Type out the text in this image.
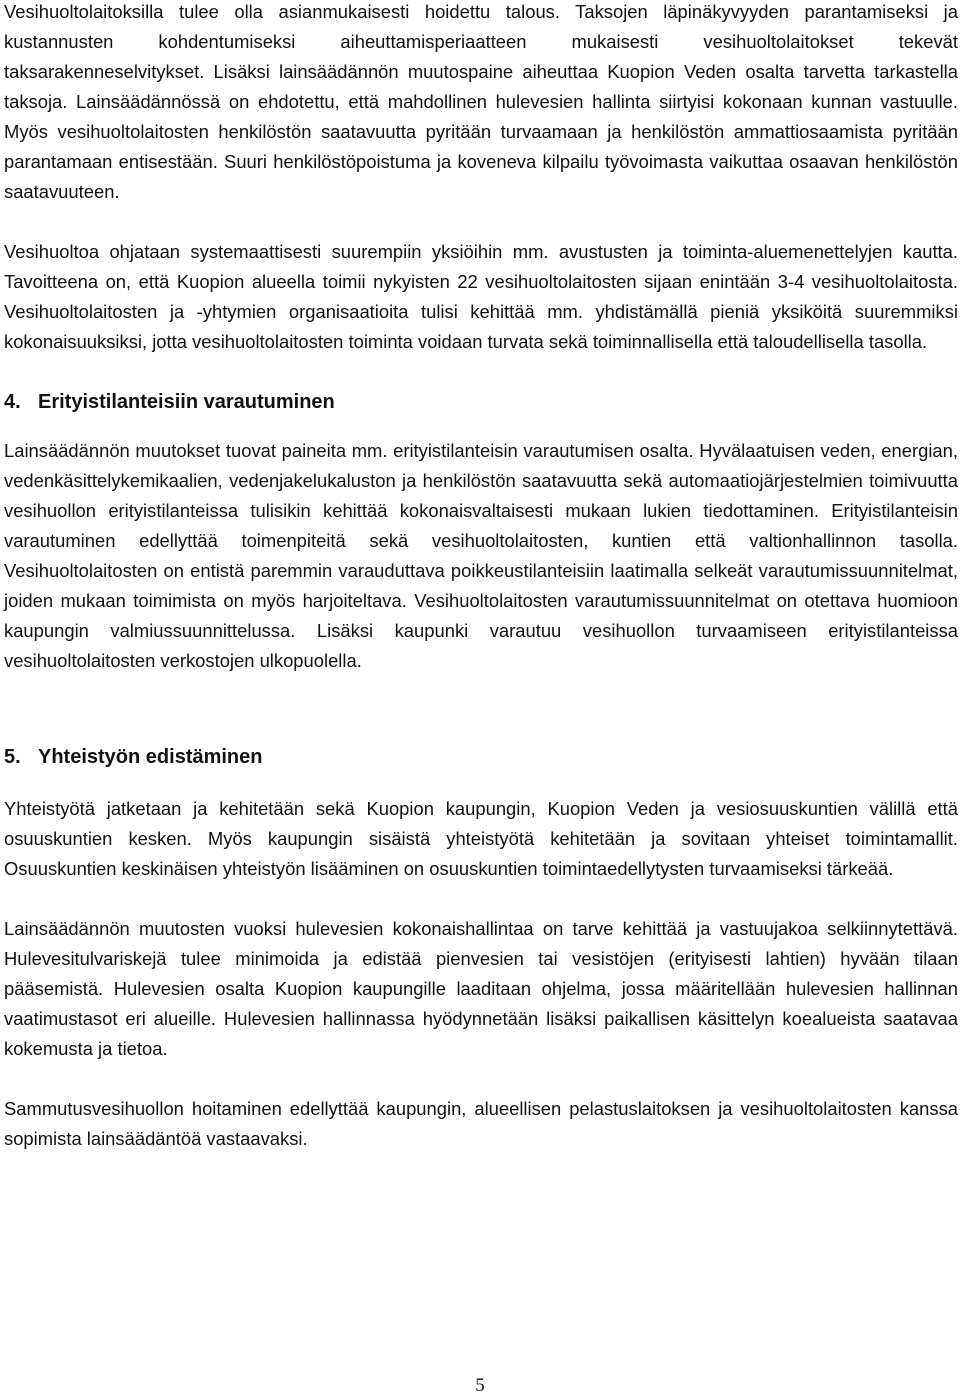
Vesihuoltolaitoksilla tulee olla asianmukaisesti hoidettu talous. Taksojen läpinäkyvyyden parantamiseksi ja kustannusten kohdentumiseksi aiheuttamisperiaatteen mukaisesti vesihuoltolaitokset tekevät taksarakenneselvitykset. Lisäksi lainsäädännön muutospaine aiheuttaa Kuopion Veden osalta tarvetta tarkastella taksoja. Lainsäädännössä on ehdotettu, että mahdollinen hulevesien hallinta siirtyisi kokonaan kunnan vastuulle. Myös vesihuoltolaitosten henkilöstön saatavuutta pyritään turvaamaan ja henkilöstön ammattiosaamista pyritään parantamaan entisestään. Suuri henkilöstöpoistuma ja koveneva kilpailu työvoimasta vaikuttaa osaavan henkilöstön saatavuuteen.

Vesihuoltoa ohjataan systemaattisesti suurempiin yksiöihin mm. avustusten ja toiminta-aluemenettelyjen kautta. Tavoitteena on, että Kuopion alueella toimii nykyisten 22 vesihuoltolaitosten sijaan enintään 3-4 vesihuoltolaitosta. Vesihuoltolaitosten ja -yhtymien organisaatioita tulisi kehittää mm. yhdistämällä pieniä yksiköitä suuremmiksi kokonaisuuksiksi, jotta vesihuoltolaitosten toiminta voidaan turvata sekä toiminnallisella että taloudellisella tasolla.

4. Erityistilanteisiin varautuminen

Lainsäädännön muutokset tuovat paineita mm. erityistilanteisin varautumisen osalta. Hyvälaatuisen veden, energian, vedenkäsittelykemikaalien, vedenjakelukaluston ja henkilöstön saatavuutta sekä automaatiojärjestelmien toimivuutta vesihuollon erityistilanteissa tulisikin kehittää kokonaisvaltaisesti mukaan lukien tiedottaminen. Erityistilanteisin varautuminen edellyttää toimenpiteitä sekä vesihuoltolaitosten, kuntien että valtionhallinnon tasolla. Vesihuoltolaitosten on entistä paremmin varauduttava poikkeustilanteisiin laatimalla selkeät varautumissuunnitelmat, joiden mukaan toimimista on myös harjoiteltava. Vesihuoltolaitosten varautumissuunnitelmat on otettava huomioon kaupungin valmiussuunnittelussa. Lisäksi kaupunki varautuu vesihuollon turvaamiseen erityistilanteissa vesihuoltolaitosten verkostojen ulkopuolella.

5. Yhteistyön edistäminen

Yhteistyötä jatketaan ja kehitetään sekä Kuopion kaupungin, Kuopion Veden ja vesiosuuskuntien välillä että osuuskuntien kesken. Myös kaupungin sisäistä yhteistyötä kehitetään ja sovitaan yhteiset toimintamallit. Osuuskuntien keskinäisen yhteistyön lisääminen on osuuskuntien toimintaedellytysten turvaamiseksi tärkeää.

Lainsäädännön muutosten vuoksi hulevesien kokonaishallintaa on tarve kehittää ja vastuujakoa selkiinnytettävä. Hulevesitulvariskejä tulee minimoida ja edistää pienvesien tai vesistöjen (erityisesti lahtien) hyvään tilaan pääsemistä. Hulevesien osalta Kuopion kaupungille laaditaan ohjelma, jossa määritellään hulevesien hallinnan vaatimustasot eri alueille. Hulevesien hallinnassa hyödynnetään lisäksi paikallisen käsittelyn koealueista saatavaa kokemusta ja tietoa.

Sammutusvesihuollon hoitaminen edellyttää kaupungin, alueellisen pelastuslaitoksen ja vesihuoltolaitosten kanssa sopimista lainsäädäntöä vastaavaksi.

5
